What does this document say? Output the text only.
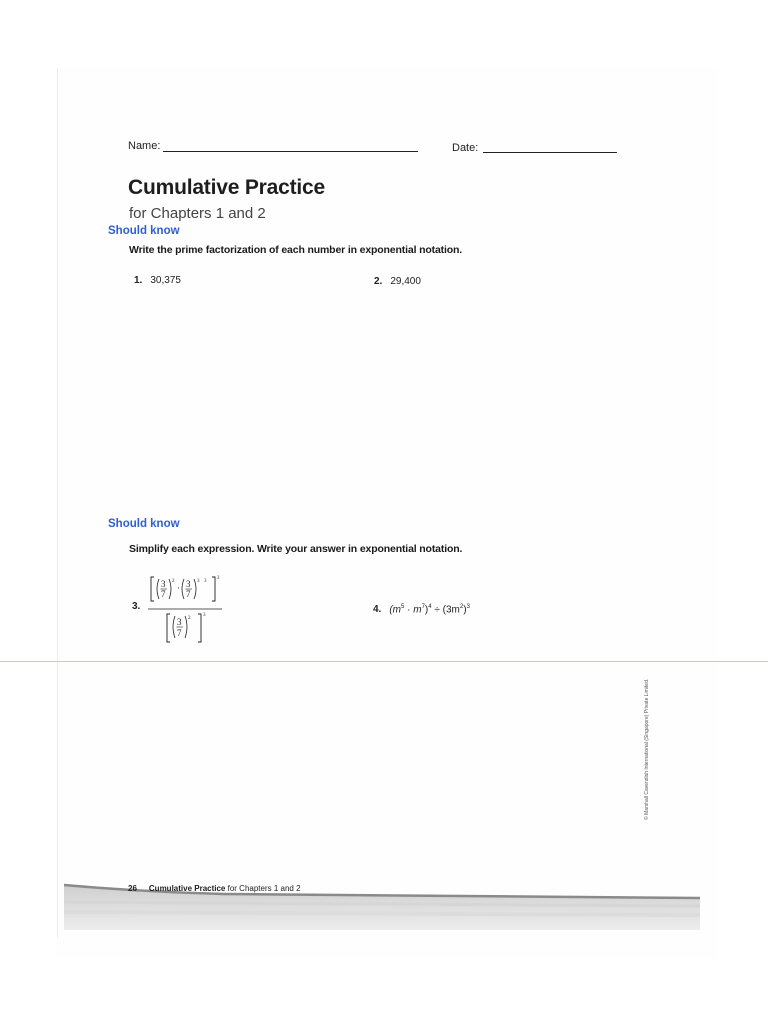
Name:	Date:
Cumulative Practice
for Chapters 1 and 2
Should know
Write the prime factorization of each number in exponential notation.
1. 30,375	2. 29,400
Should know
Simplify each expression. Write your answer in exponential notation.
3.
3
7
2
· 3
7
3 3
3
3
7
2
3
4. $(m^5 \cdot m^7)^4 \div (3m^2)^3$
© Marshall Cavendish International (Singapore) Private Limited.
26 Cumulative Practice for Chapters 1 and 2
